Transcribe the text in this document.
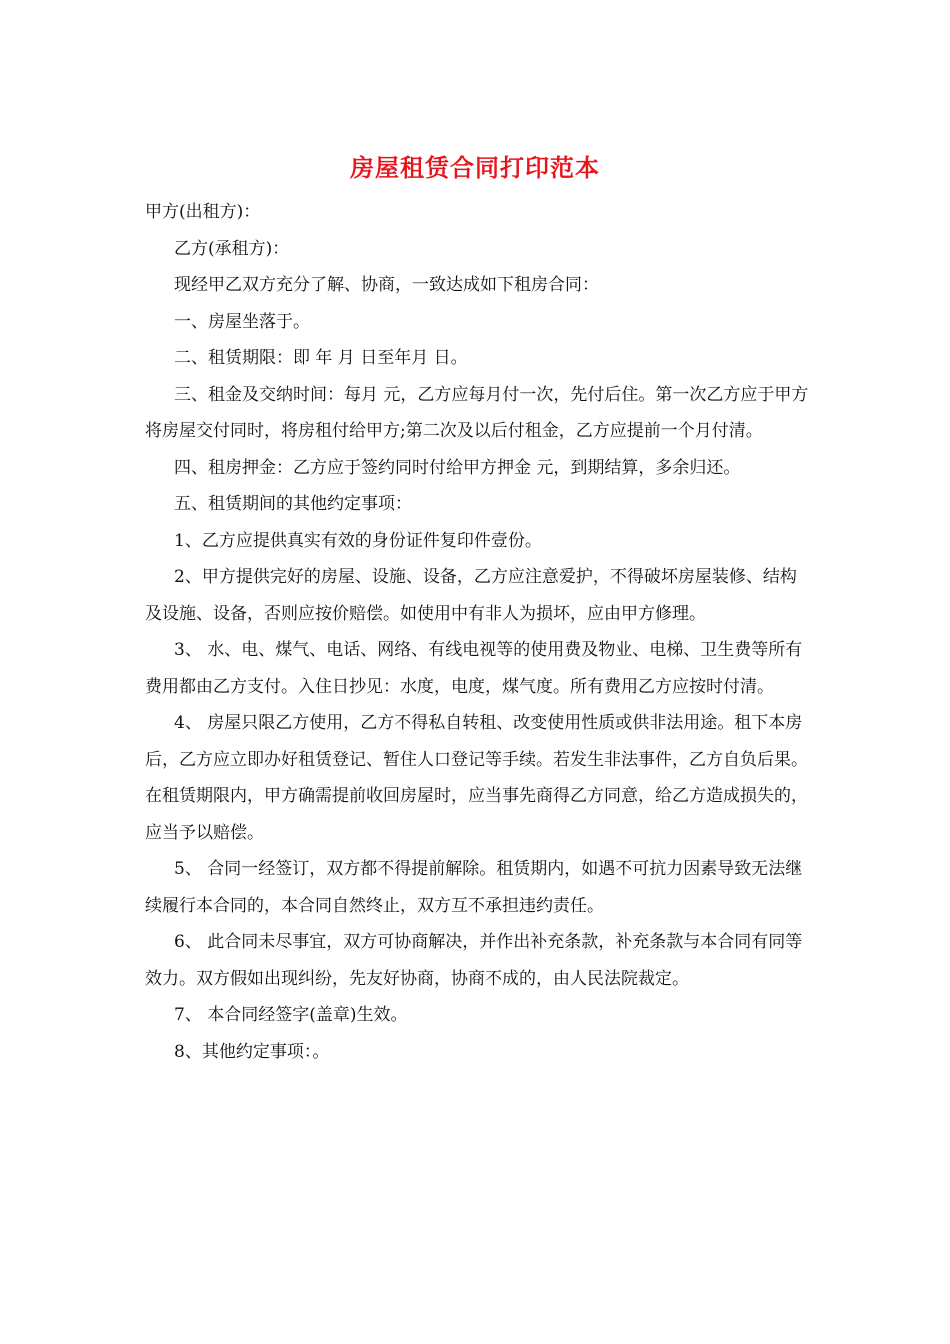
房屋租赁合同打印范本

甲方(出租方)：

乙方(承租方)：

现经甲乙双方充分了解、协商，一致达成如下租房合同：

一、房屋坐落于。

二、租赁期限：即 年 月 日至年月 日。

三、租金及交纳时间：每月 元，乙方应每月付一次，先付后住。第一次乙方应于甲方将房屋交付同时，将房租付给甲方;第二次及以后付租金，乙方应提前一个月付清。

四、租房押金：乙方应于签约同时付给甲方押金 元，到期结算，多余归还。

五、租赁期间的其他约定事项：

1、乙方应提供真实有效的身份证件复印件壹份。

2、甲方提供完好的房屋、设施、设备，乙方应注意爱护，不得破坏房屋装修、结构及设施、设备，否则应按价赔偿。如使用中有非人为损坏，应由甲方修理。

3、 水、电、煤气、电话、网络、有线电视等的使用费及物业、电梯、卫生费等所有费用都由乙方支付。入住日抄见：水度，电度，煤气度。所有费用乙方应按时付清。

4、 房屋只限乙方使用，乙方不得私自转租、改变使用性质或供非法用途。租下本房后，乙方应立即办好租赁登记、暂住人口登记等手续。若发生非法事件，乙方自负后果。在租赁期限内，甲方确需提前收回房屋时，应当事先商得乙方同意，给乙方造成损失的，应当予以赔偿。

5、 合同一经签订，双方都不得提前解除。租赁期内，如遇不可抗力因素导致无法继续履行本合同的，本合同自然终止，双方互不承担违约责任。

6、 此合同未尽事宜，双方可协商解决，并作出补充条款，补充条款与本合同有同等效力。双方假如出现纠纷，先友好协商，协商不成的，由人民法院裁定。

7、 本合同经签字(盖章)生效。

8、其他约定事项：。
